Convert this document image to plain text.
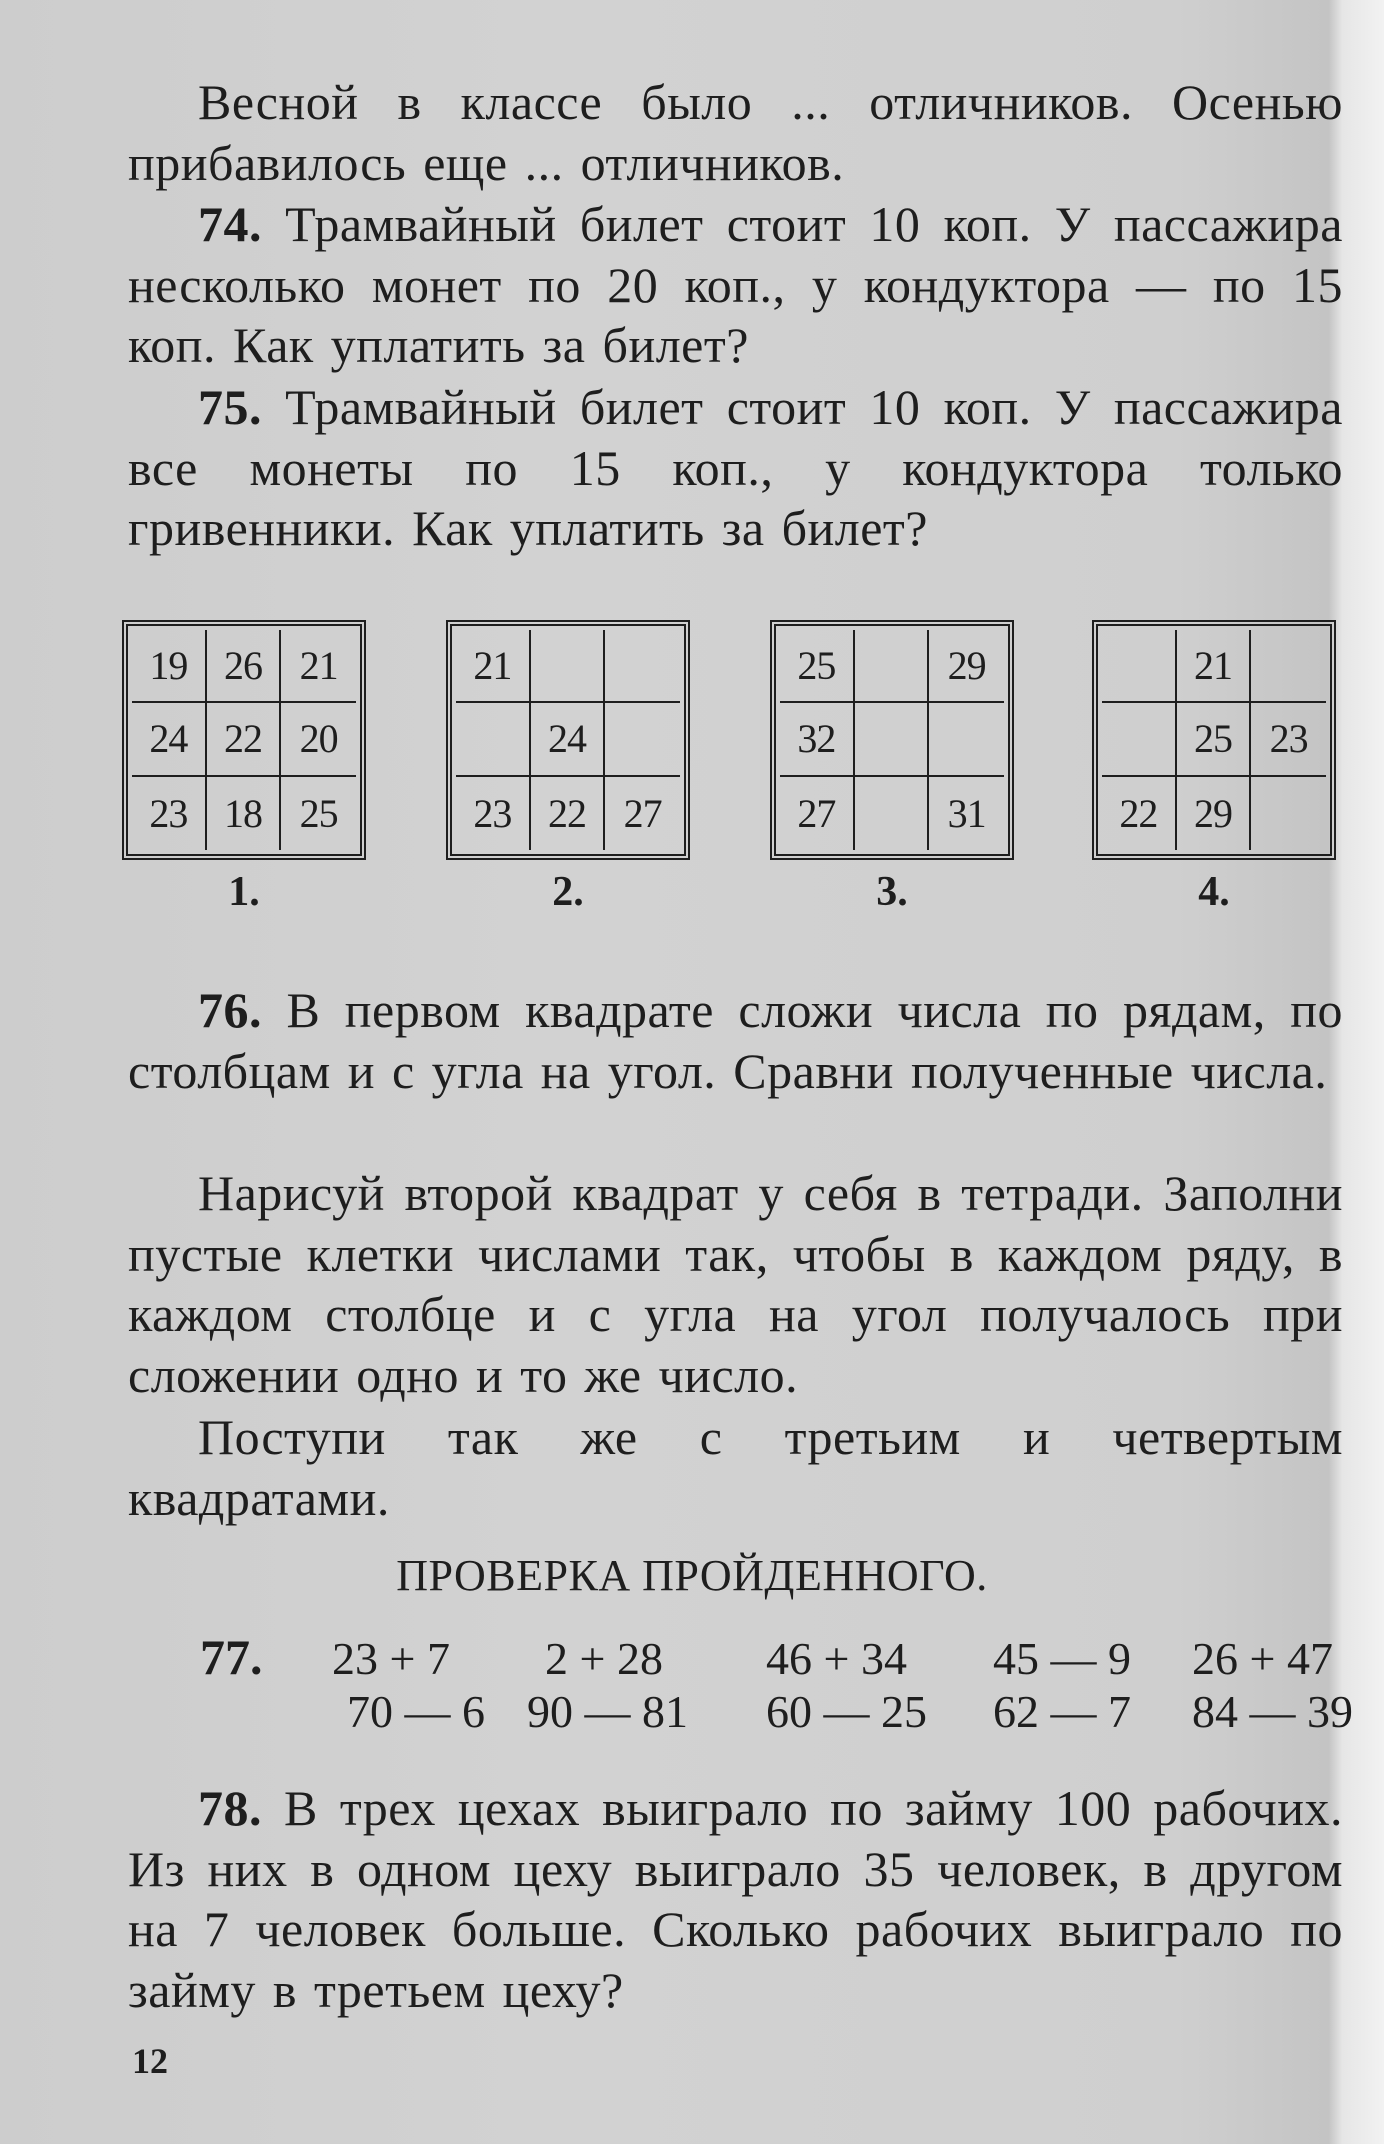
Весной в классе было ... отличников. Осенью прибавилось еще ... отличников.
74. Трамвайный билет стоит 10 коп. У пассажира несколько монет по 20 коп., у кондуктора — по 15 коп. Как уплатить за билет?
75. Трамвайный билет стоит 10 коп. У пассажира все монеты по 15 коп., у кондуктора только гривенники. Как уплатить за билет?
19 26 21
24 22 20
23 18 25
1.
21
24
23 22 27
2.
25	29
32
27	31
3.
21
25 23
22 29
4.
76. В первом квадрате сложи числа по рядам, по столбцам и с угла на угол. Сравни полученные числа.
Нарисуй второй квадрат у себя в тетради. Заполни пустые клетки числами так, чтобы в каждом ряду, в каждом столбце и с угла на угол получалось при сложении одно и то же число.
Поступи так же с третьим и четвертым квадратами.
ПРОВЕРКА ПРОЙДЕННОГО.
77. 23 + 7 2 + 28 46 + 34 45 — 9 26 + 47
70 — 6 90 — 81 60 — 25 62 — 7 84 — 39
78. В трех цехах выиграло по займу 100 рабочих. Из них в одном цеху выиграло 35 человек, в другом на 7 человек больше. Сколько рабочих выиграло по займу в третьем цеху?
12
